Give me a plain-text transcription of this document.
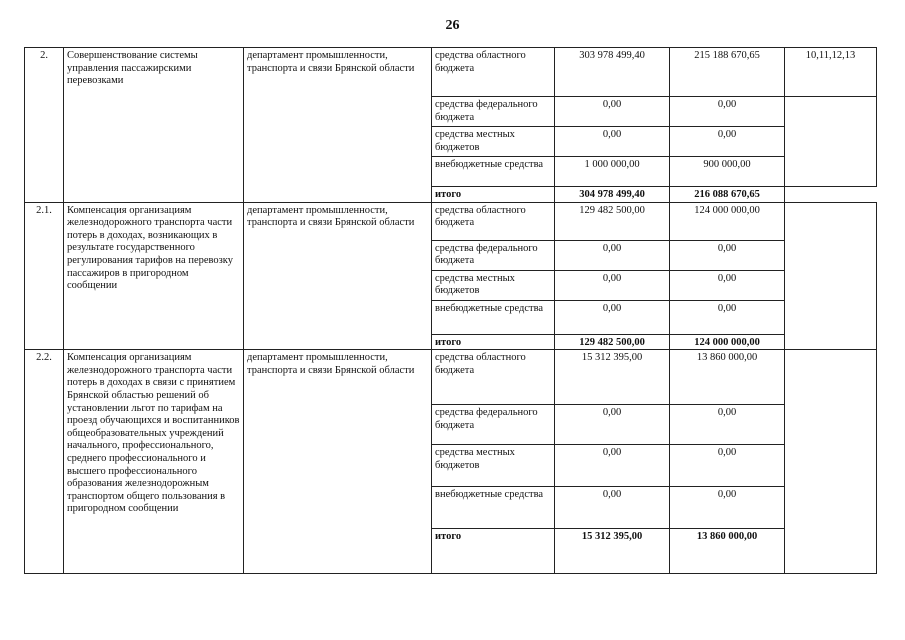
26
2.	Совершенствование системы управления пассажирскими перевозками	департамент промышленности, транспорта и связи Брянской области	средства областного бюджета	303 978 499,40	215 188 670,65	10,11,12,13
			средства федерального бюджета	0,00	0,00	
			средства местных бюджетов	0,00	0,00	
			внебюджетные средства	1 000 000,00	900 000,00	
			итого	304 978 499,40	216 088 670,65	
2.1.	Компенсация организациям железнодорожного транспорта части потерь в доходах, возникающих в результате государственного регулирования тарифов на перевозку пассажиров в пригородном сообщении	департамент промышленности, транспорта и связи Брянской области	средства областного бюджета	129 482 500,00	124 000 000,00	
			средства федерального бюджета	0,00	0,00	
			средства местных бюджетов	0,00	0,00	
			внебюджетные средства	0,00	0,00	
			итого	129 482 500,00	124 000 000,00	
2.2.	Компенсация организациям железнодорожного транспорта части потерь в доходах в связи с принятием Брянской областью решений об установлении льгот по тарифам на проезд обучающихся и воспитанников общеобразовательных учреждений начального, профессионального, среднего профессионального и высшего профессионального образования железнодорожным транспортом общего пользования в пригородном сообщении	департамент промышленности, транспорта и связи Брянской области	средства областного бюджета	15 312 395,00	13 860 000,00	
			средства федерального бюджета	0,00	0,00	
			средства местных бюджетов	0,00	0,00	
			внебюджетные средства	0,00	0,00	
			итого	15 312 395,00	13 860 000,00	
